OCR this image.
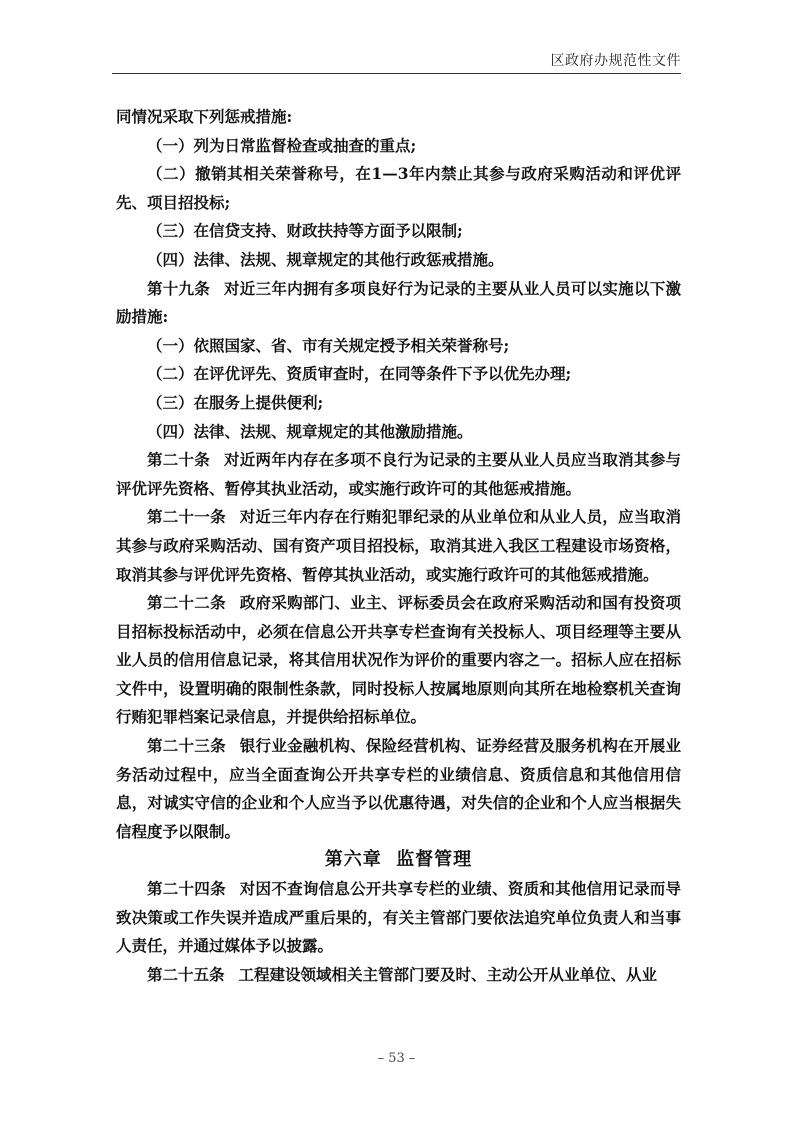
区政府办规范性文件

同情况采取下列惩戒措施:

（一）列为日常监督检查或抽查的重点;

（二）撤销其相关荣誉称号，在1—3年内禁止其参与政府采购活动和评优评先、项目招投标;

（三）在信贷支持、财政扶持等方面予以限制;

（四）法律、法规、规章规定的其他行政惩戒措施。

第十九条 对近三年内拥有多项良好行为记录的主要从业人员可以实施以下激励措施:

（一）依照国家、省、市有关规定授予相关荣誉称号;

（二）在评优评先、资质审查时，在同等条件下予以优先办理;

（三）在服务上提供便利;

（四）法律、法规、规章规定的其他激励措施。

第二十条 对近两年内存在多项不良行为记录的主要从业人员应当取消其参与评优评先资格、暂停其执业活动，或实施行政许可的其他惩戒措施。

第二十一条 对近三年内存在行贿犯罪纪录的从业单位和从业人员，应当取消其参与政府采购活动、国有资产项目招投标，取消其进入我区工程建设市场资格，取消其参与评优评先资格、暂停其执业活动，或实施行政许可的其他惩戒措施。

第二十二条 政府采购部门、业主、评标委员会在政府采购活动和国有投资项目招标投标活动中，必须在信息公开共享专栏查询有关投标人、项目经理等主要从业人员的信用信息记录，将其信用状况作为评价的重要内容之一。招标人应在招标文件中，设置明确的限制性条款，同时投标人按属地原则向其所在地检察机关查询行贿犯罪档案记录信息，并提供给招标单位。

第二十三条 银行业金融机构、保险经营机构、证券经营及服务机构在开展业务活动过程中，应当全面查询公开共享专栏的业绩信息、资质信息和其他信用信息，对诚实守信的企业和个人应当予以优惠待遇，对失信的企业和个人应当根据失信程度予以限制。

第六章 监督管理

第二十四条 对因不查询信息公开共享专栏的业绩、资质和其他信用记录而导致决策或工作失误并造成严重后果的，有关主管部门要依法追究单位负责人和当事人责任，并通过媒体予以披露。

第二十五条 工程建设领域相关主管部门要及时、主动公开从业单位、从业

– 53 –
